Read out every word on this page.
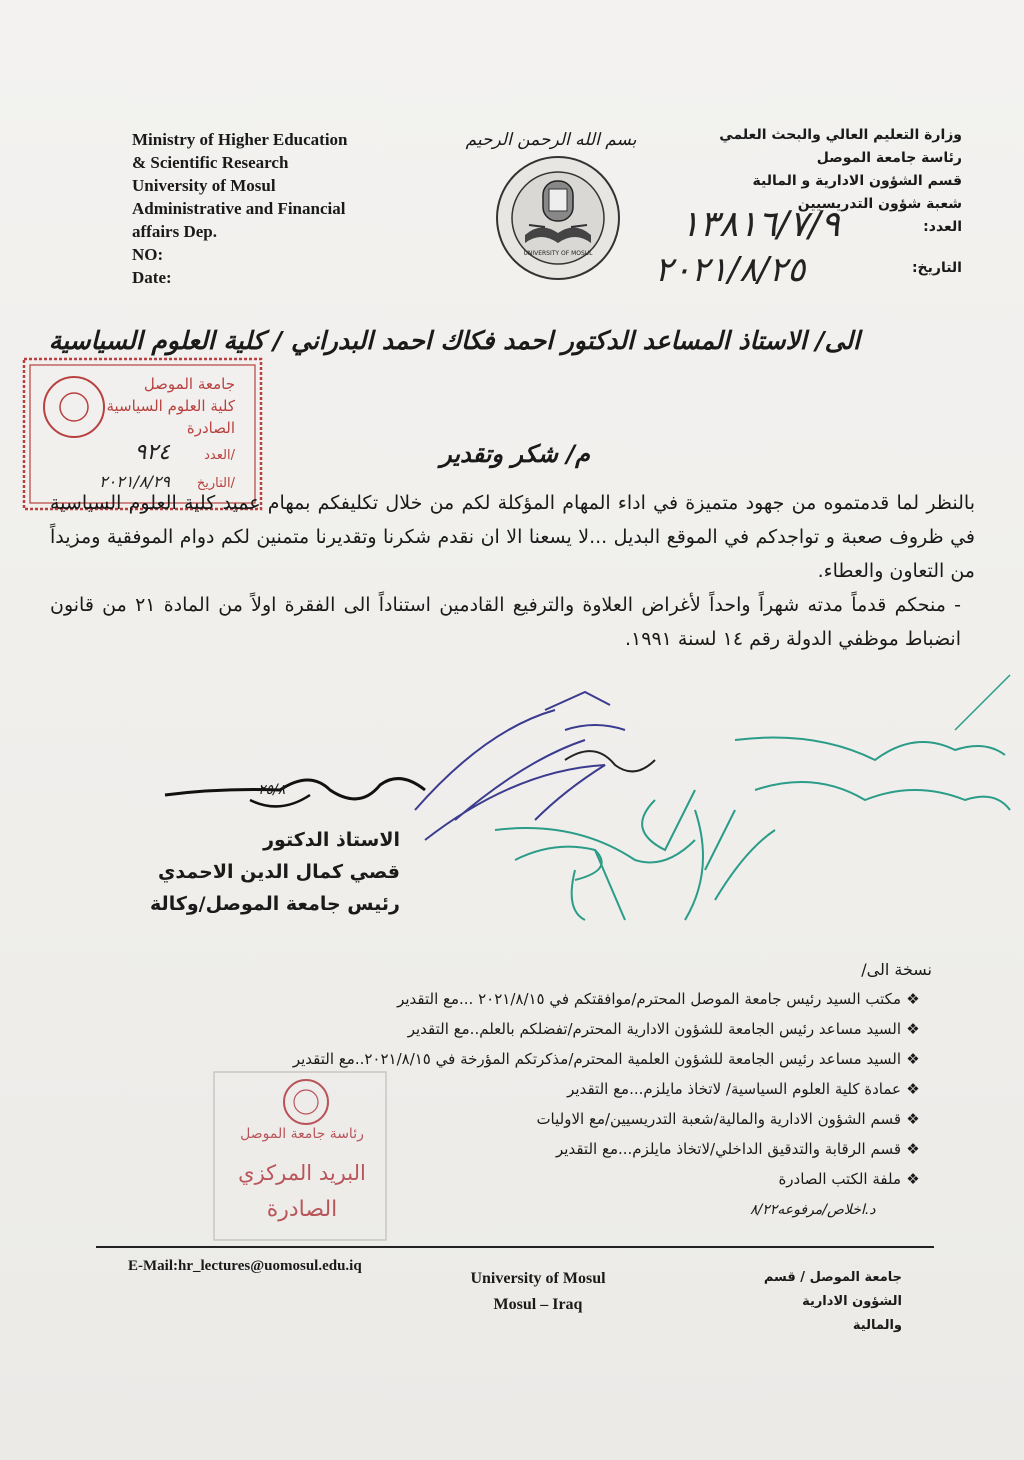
Ministry of Higher Education
& Scientific Research
University of Mosul
Administrative and Financial
affairs Dep.
NO:
Date:
بسم الله الرحمن الرحيم
UNIVERSITY OF MOSUL
وزارة التعليم العالي والبحث العلمي
رئاسة جامعة الموصل
قسم الشؤون الادارية و المالية
شعبة شؤون التدريسيين
العدد:
التاريخ:
١٣٨١٦/٧/٩
٢٠٢١/٨/٢٥
الى/ الاستاذ المساعد الدكتور احمد فكاك احمد البدراني / كلية العلوم السياسية
جامعة الموصل
كلية العلوم السياسية
الصادرة
العدد/
٩٢٤
التاريخ/
٢٠٢١/٨/٢٩
م/ شكر وتقدير

بالنظر لما قدمتموه من جهود متميزة في اداء المهام المؤكلة لكم من خلال تكليفكم بمهام عميد كلية العلوم السياسية في ظروف صعبة و تواجدكم في الموقع البديل ...لا يسعنا الا ان نقدم شكرنا وتقديرنا متمنين لكم دوام الموفقية ومزيداً من التعاون والعطاء.

- منحكم قدماً مدته شهراً واحداً لأغراض العلاوة والترفيع القادمين استناداً الى الفقرة اولاً من المادة ٢١ من قانون انضباط موظفي الدولة رقم ١٤ لسنة ١٩٩١.

٢٥/٨
الاستاذ الدكتور
قصي كمال الدين الاحمدي
رئيس جامعة الموصل/وكالة
نسخة الى/
❖مكتب السيد رئيس جامعة الموصل المحترم/موافقتكم في ٢٠٢١/٨/١٥ ...مع التقدير
❖السيد مساعد رئيس الجامعة للشؤون الادارية المحترم/تفضلكم بالعلم..مع التقدير
❖السيد مساعد رئيس الجامعة للشؤون العلمية المحترم/مذكرتكم المؤرخة في ٢٠٢١/٨/١٥..مع التقدير
❖عمادة كلية العلوم السياسية/ لاتخاذ مايلزم...مع التقدير
❖قسم الشؤون الادارية والمالية/شعبة التدريسيين/مع الاوليات
❖قسم الرقابة والتدقيق الداخلي/لاتخاذ مايلزم...مع التقدير
❖ملفة الكتب الصادرة
رئاسة جامعة الموصل
البريد المركزي
الصادرة	د.اخلاص/مرفوعه٨/٢٢
E-Mail:hr_lectures@uomosul.edu.iq
University of Mosul
Mosul – Iraq
جامعة الموصل / قسم
الشؤون الادارية
والمالية
